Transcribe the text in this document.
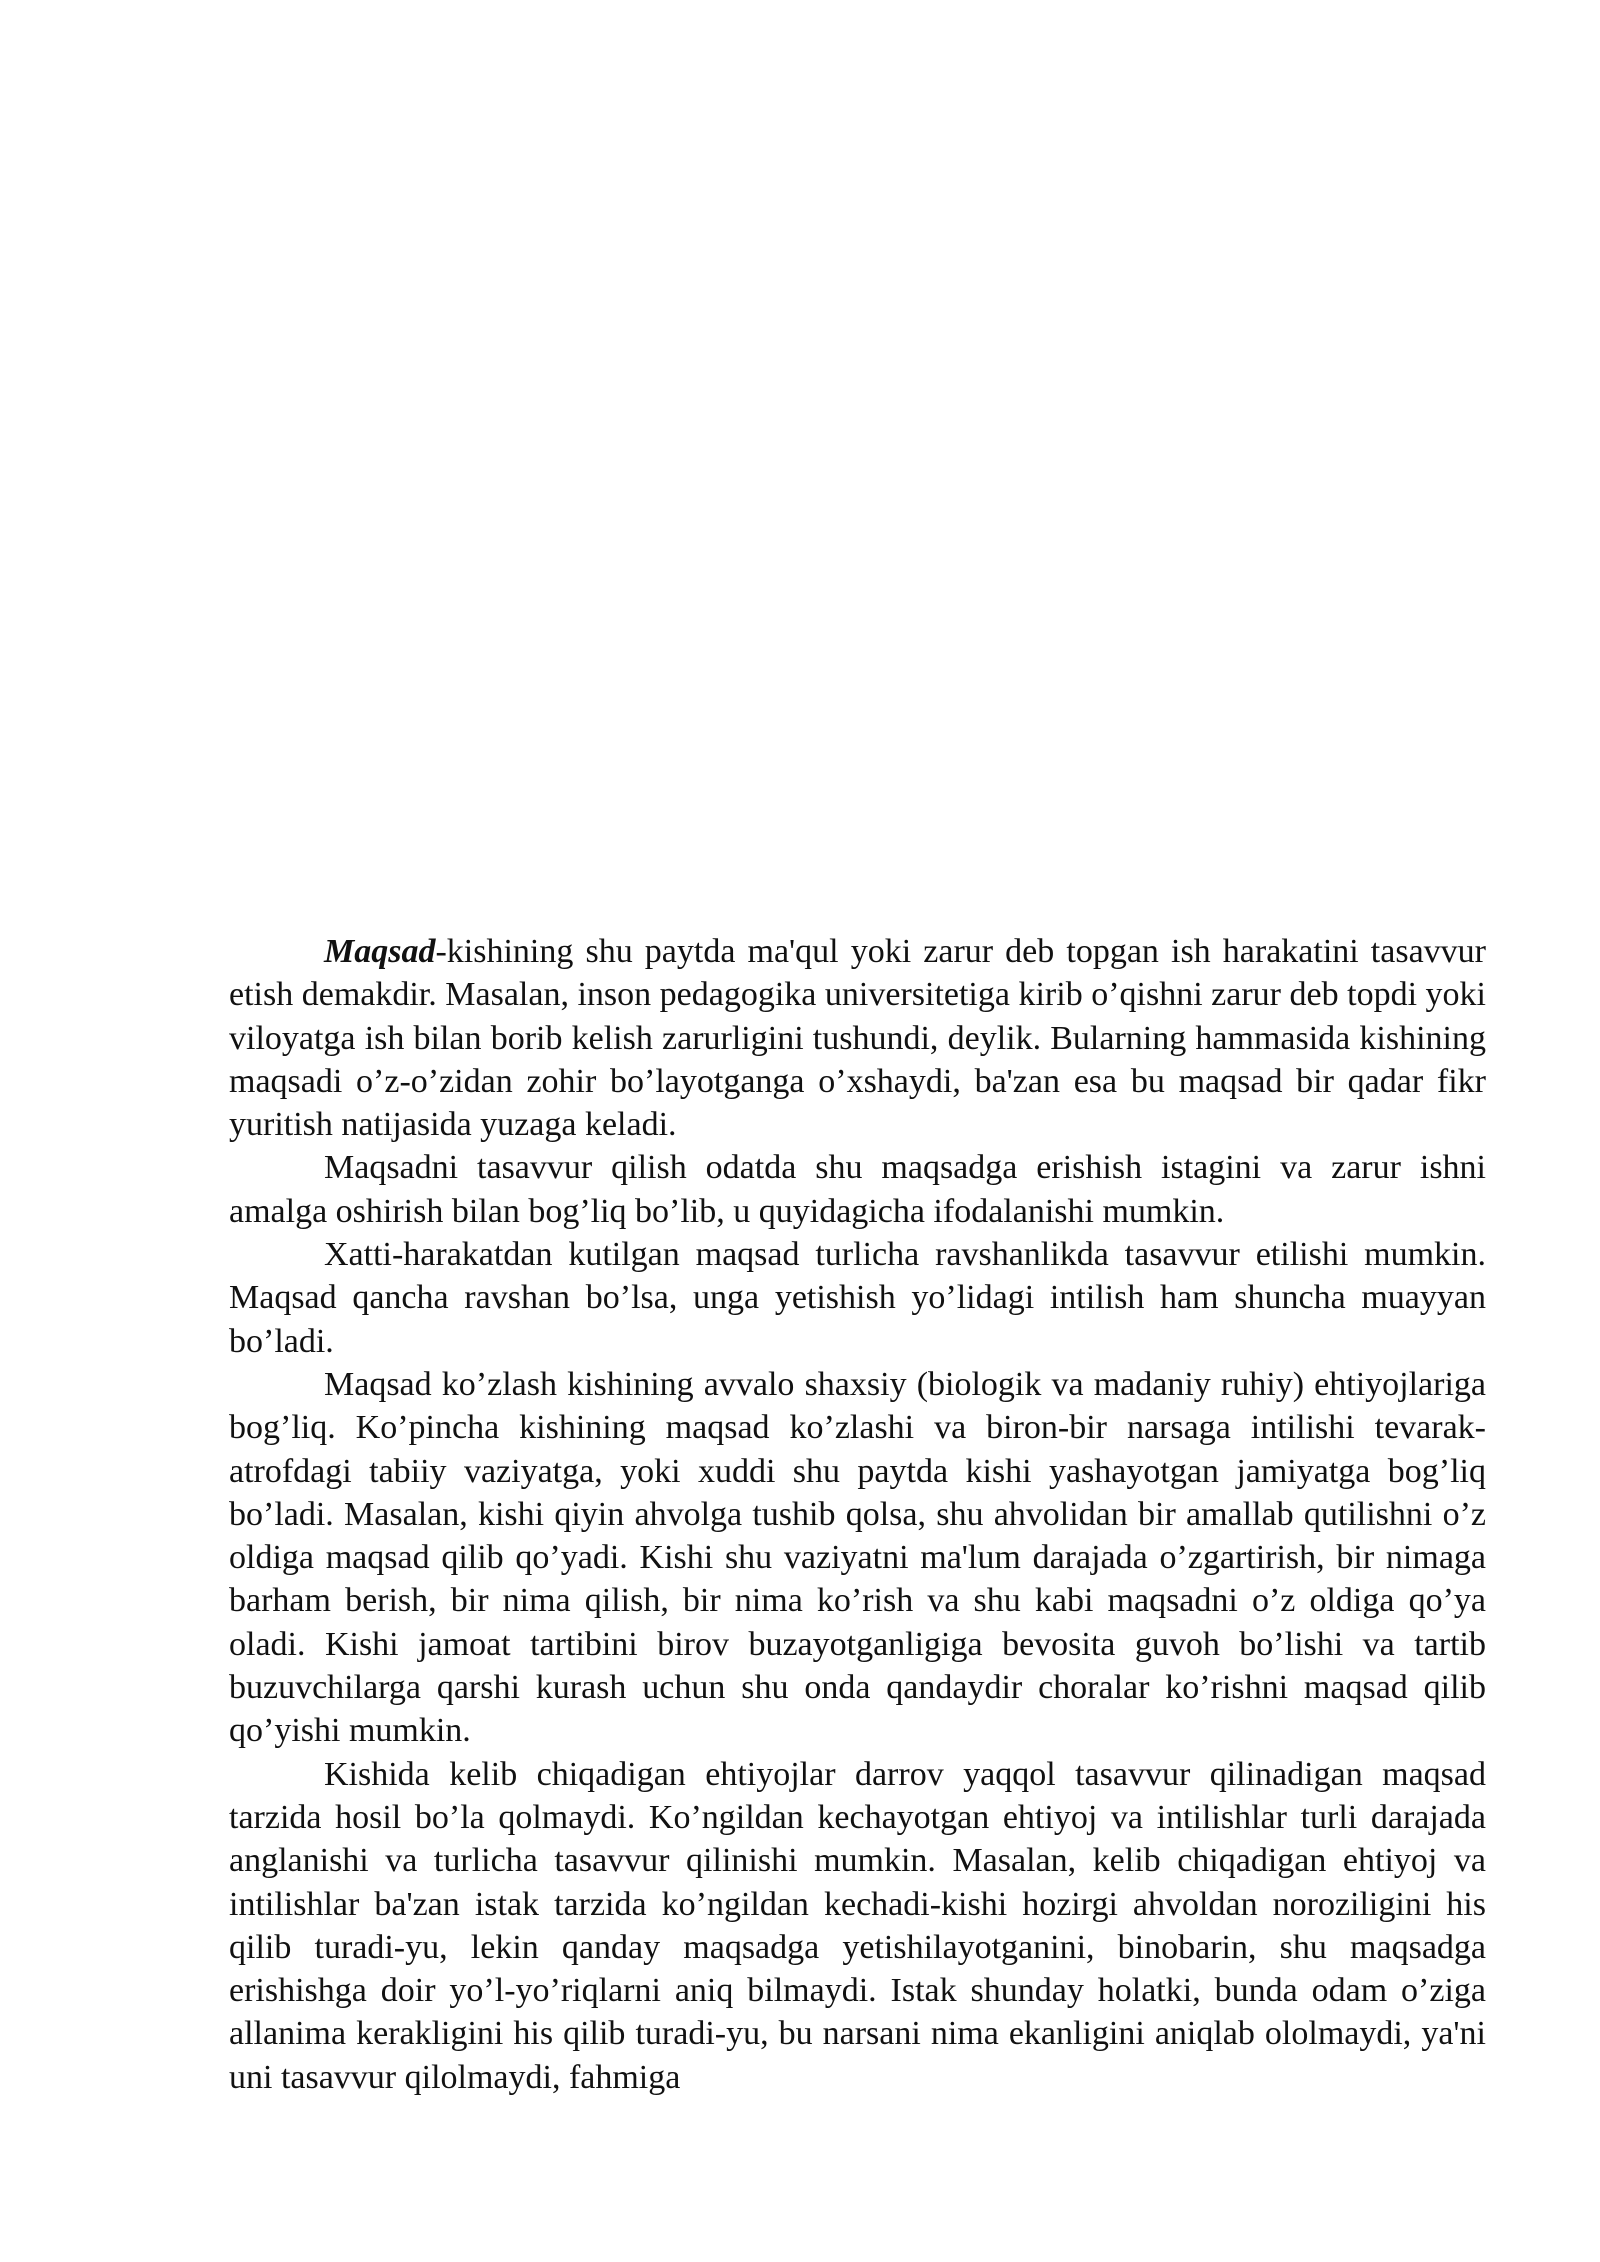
Maqsad-kishining shu paytda ma'qul yoki zarur deb topgan ish harakatini tasavvur etish demakdir. Masalan, inson pedagogika universitetiga kirib o’qishni zarur deb topdi yoki viloyatga ish bilan borib kelish zarurligini tushundi, deylik. Bularning hammasida kishining maqsadi o’z-o’zidan zohir bo’layotganga o’xshaydi, ba'zan esa bu maqsad bir qadar fikr yuritish natijasida yuzaga keladi.

Maqsadni tasavvur qilish odatda shu maqsadga erishish istagini va zarur ishni amalga oshirish bilan bog’liq bo’lib, u quyidagicha ifodalanishi mumkin.

Xatti-harakatdan kutilgan maqsad turlicha ravshanlikda tasavvur etilishi mumkin. Maqsad qancha ravshan bo’lsa, unga yetishish yo’lidagi intilish ham shuncha muayyan bo’ladi.

Maqsad ko’zlash kishining avvalo shaxsiy (biologik va madaniy ruhiy) ehtiyojlariga bog’liq. Ko’pincha kishining maqsad ko’zlashi va biron-bir narsaga intilishi tevarak-atrofdagi tabiiy vaziyatga, yoki xuddi shu paytda kishi yashayotgan jamiyatga bog’liq bo’ladi. Masalan, kishi qiyin ahvolga tushib qolsa, shu ahvolidan bir amallab qutilishni o’z oldiga maqsad qilib qo’yadi. Kishi shu vaziyatni ma'lum darajada o’zgartirish, bir nimaga barham berish, bir nima qilish, bir nima ko’rish va shu kabi maqsadni o’z oldiga qo’ya oladi. Kishi jamoat tartibini birov buzayotganligiga bevosita guvoh bo’lishi va tartib buzuvchilarga qarshi kurash uchun shu onda qandaydir choralar ko’rishni maqsad qilib qo’yishi mumkin.

Kishida kelib chiqadigan ehtiyojlar darrov yaqqol tasavvur qilinadigan maqsad tarzida hosil bo’la qolmaydi. Ko’ngildan kechayotgan ehtiyoj va intilishlar turli darajada anglanishi va turlicha tasavvur qilinishi mumkin. Masalan, kelib chiqadigan ehtiyoj va intilishlar ba'zan istak tarzida ko’ngildan kechadi-kishi hozirgi ahvoldan noroziligini his qilib turadi-yu, lekin qanday maqsadga yetishilayotganini, binobarin, shu maqsadga erishishga doir yo’l-yo’riqlarni aniq bilmaydi. Istak shunday holatki, bunda odam o’ziga allanima kerakligini his qilib turadi-yu, bu narsani nima ekanligini aniqlab ololmaydi, ya'ni uni tasavvur qilolmaydi, fahmiga
